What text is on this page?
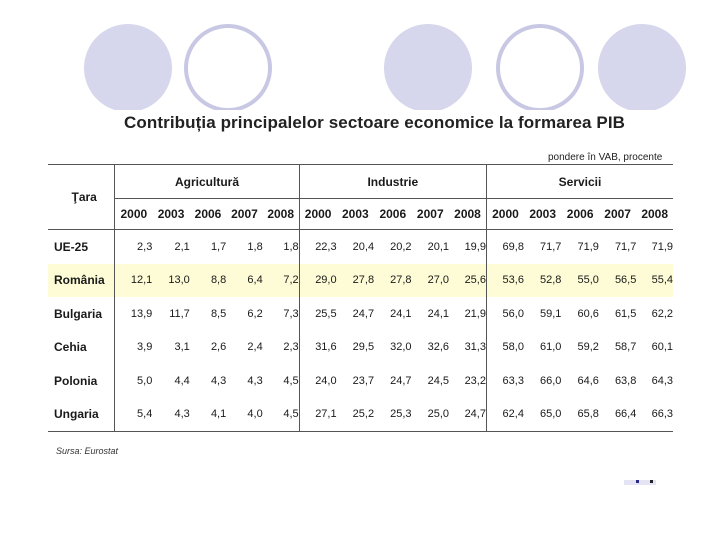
Contribuția principalelor sectoare economice la formarea PIB
pondere în VAB, procente

Ţara	Agricultură					Industrie					Servicii				
	2000	2003	2006	2007	2008	2000	2003	2006	2007	2008	2000	2003	2006	2007	2008
UE-25	2,3	2,1	1,7	1,8	1,8	22,3	20,4	20,2	20,1	19,9	69,8	71,7	71,9	71,7	71,9
România	12,1	13,0	8,8	6,4	7,2	29,0	27,8	27,8	27,0	25,6	53,6	52,8	55,0	56,5	55,4
Bulgaria	13,9	11,7	8,5	6,2	7,3	25,5	24,7	24,1	24,1	21,9	56,0	59,1	60,6	61,5	62,2
Cehia	3,9	3,1	2,6	2,4	2,3	31,6	29,5	32,0	32,6	31,3	58,0	61,0	59,2	58,7	60,1
Polonia	5,0	4,4	4,3	4,3	4,5	24,0	23,7	24,7	24,5	23,2	63,3	66,0	64,6	63,8	64,3
Ungaria	5,4	4,3	4,1	4,0	4,5	27,1	25,2	25,3	25,0	24,7	62,4	65,0	65,8	66,4	66,3

Sursa: Eurostat
